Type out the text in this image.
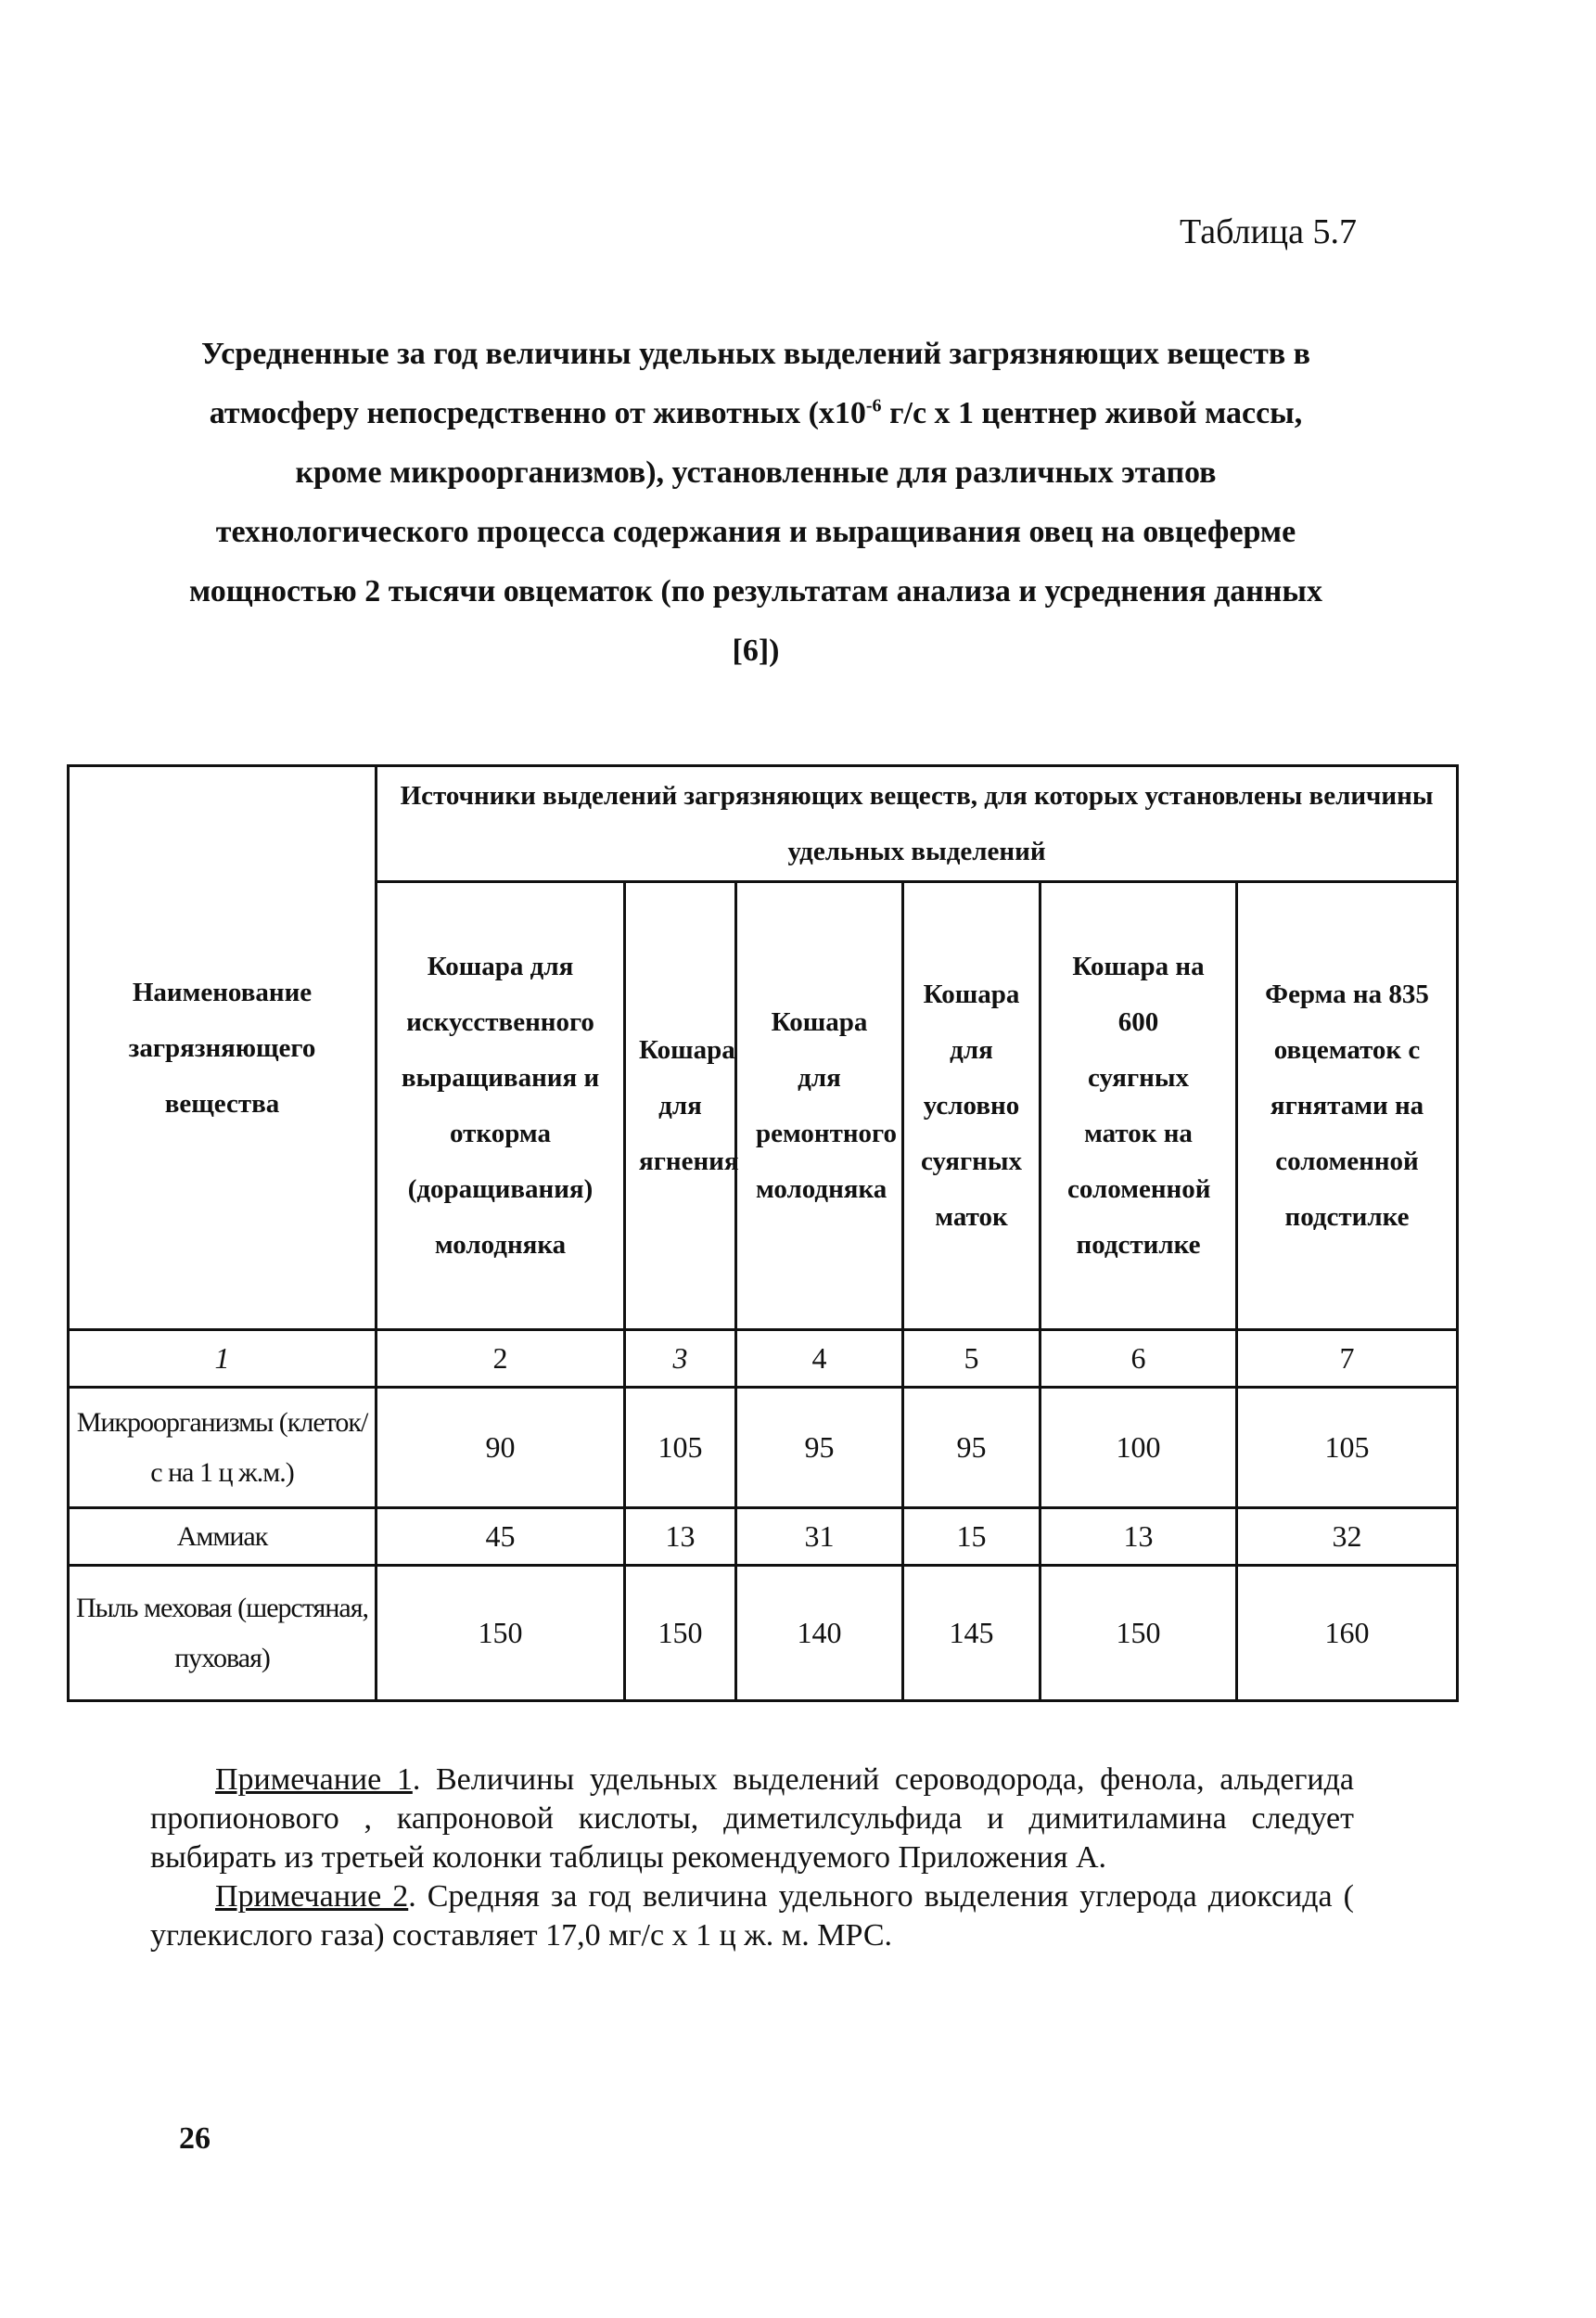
Таблица 5.7
Усредненные за год величины удельных выделений загрязняющих веществ в атмосферу непосредственно от животных ($х10^{-6}$ г/с х 1 центнер живой массы, кроме микроорганизмов), установленные для различных этапов технологического процесса содержания и выращивания овец на овцеферме мощностью 2 тысячи овцематок (по результатам анализа и усреднения данных [6])
Наименование загрязняющего вещества	Источники выделений загрязняющих веществ, для которых установлены величины удельных выделений					
	Кошара для искусственного выращивания и откорма (доращивания) молодняка	Кошара для ягнения	Кошара для ремонтного молодняка	Кошара для условно суягных маток	Кошара на 600 суягных маток на соломенной подстилке	Ферма на 835 овцематок с ягнятами на соломенной подстилке
1	2	3	4	5	6	7
Микроорганизмы (клеток/с на 1 ц ж.м.)	90	105	95	95	100	105
Аммиак	45	13	31	15	13	32
Пыль меховая (шерстяная, пуховая)	150	150	140	145	150	160

Примечание 1. Величины удельных выделений сероводорода, фенола, альдегида пропионового , капроновой кислоты, диметилсульфида и димитиламина следует выбирать из третьей колонки таблицы рекомендуемого Приложения А.

Примечание 2. Средняя за год величина удельного выделения углерода диоксида ( углекислого газа) составляет 17,0 мг/с х 1 ц ж. м. МРС.

26
